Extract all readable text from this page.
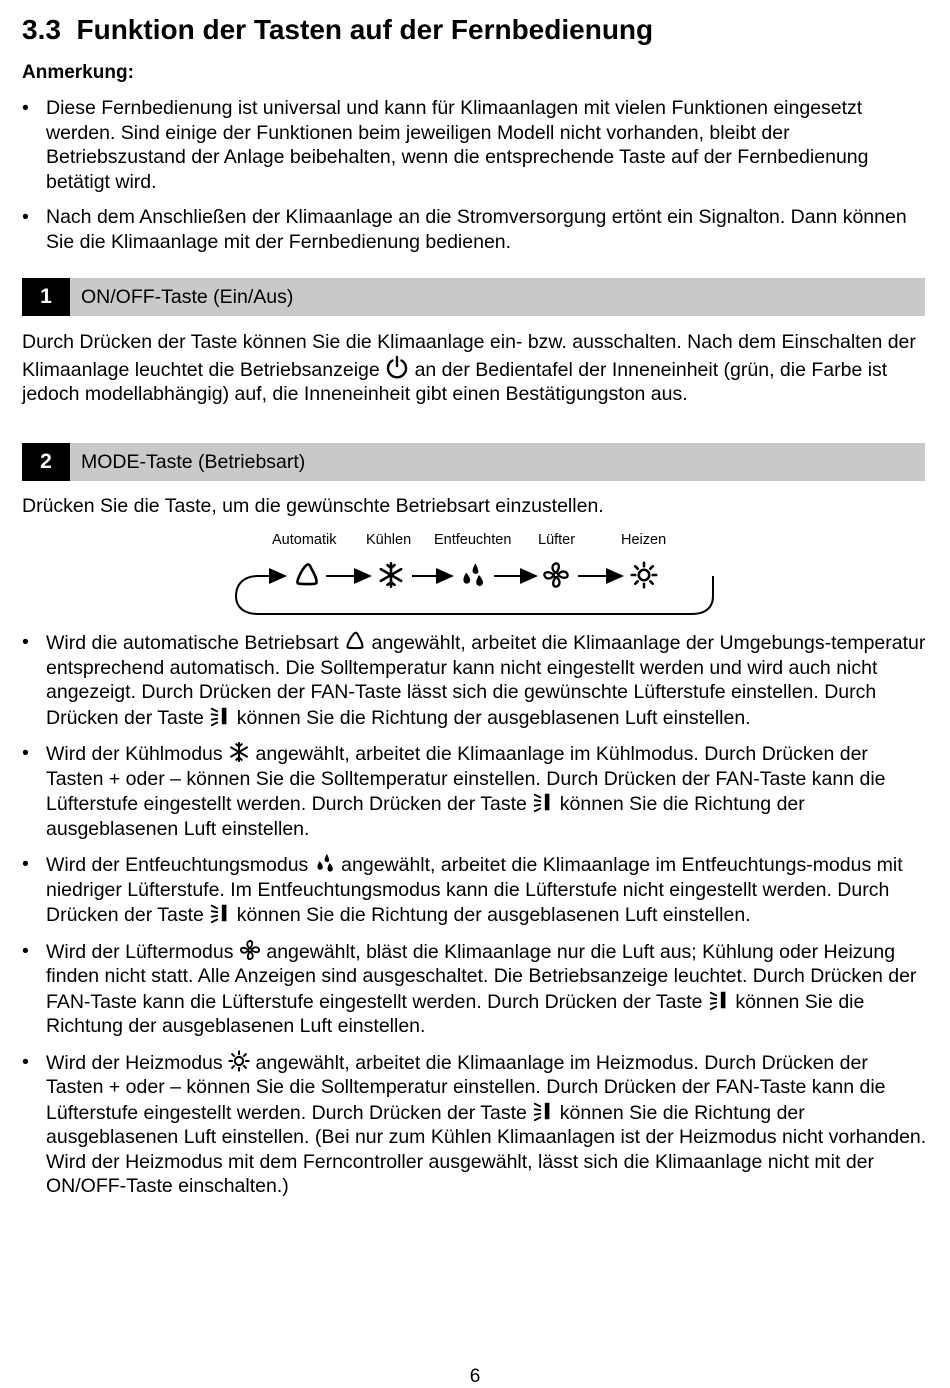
3.3 Funktion der Tasten auf der Fernbedienung
Anmerkung:
• Diese Fernbedienung ist universal und kann für Klimaanlagen mit vielen Funktionen eingesetzt werden. Sind einige der Funktionen beim jeweiligen Modell nicht vorhanden, bleibt der Betriebszustand der Anlage beibehalten, wenn die entsprechende Taste auf der Fernbedienung betätigt wird.
• Nach dem Anschließen der Klimaanlage an die Stromversorgung ertönt ein Signalton. Dann können Sie die Klimaanlage mit der Fernbedienung bedienen.
1	ON/OFF-Taste (Ein/Aus)
Durch Drücken der Taste können Sie die Klimaanlage ein- bzw. ausschalten. Nach dem Einschalten der Klimaanlage leuchtet die Betriebsanzeige an der Bedientafel der Inneneinheit (grün, die Farbe ist jedoch modellabhängig) auf, die Inneneinheit gibt einen Bestätigungston aus.
2	MODE-Taste (Betriebsart)
Drücken Sie die Taste, um die gewünschte Betriebsart einzustellen.
Automatik Kühlen Entfeuchten Lüfter	Heizen
• Wird die automatische Betriebsart angewählt, arbeitet die Klimaanlage der Umgebungs-temperatur entsprechend automatisch. Die Solltemperatur kann nicht eingestellt werden und wird auch nicht angezeigt. Durch Drücken der FAN-Taste lässt sich die gewünschte Lüfterstufe einstellen. Durch Drücken der Taste können Sie die Richtung der ausgeblasenen Luft einstellen.
• Wird der Kühlmodus angewählt, arbeitet die Klimaanlage im Kühlmodus. Durch Drücken der Tasten + oder – können Sie die Solltemperatur einstellen. Durch Drücken der FAN-Taste kann die Lüfterstufe eingestellt werden. Durch Drücken der Taste können Sie die Richtung der ausgeblasenen Luft einstellen.
• Wird der Entfeuchtungsmodus angewählt, arbeitet die Klimaanlage im Entfeuchtungs-modus mit niedriger Lüfterstufe. Im Entfeuchtungsmodus kann die Lüfterstufe nicht eingestellt werden. Durch Drücken der Taste können Sie die Richtung der ausgeblasenen Luft einstellen.
• Wird der Lüftermodus angewählt, bläst die Klimaanlage nur die Luft aus; Kühlung oder Heizung finden nicht statt. Alle Anzeigen sind ausgeschaltet. Die Betriebsanzeige leuchtet. Durch Drücken der FAN-Taste kann die Lüfterstufe eingestellt werden. Durch Drücken der Taste können Sie die Richtung der ausgeblasenen Luft einstellen.
• Wird der Heizmodus angewählt, arbeitet die Klimaanlage im Heizmodus. Durch Drücken der Tasten + oder – können Sie die Solltemperatur einstellen. Durch Drücken der FAN-Taste kann die Lüfterstufe eingestellt werden. Durch Drücken der Taste können Sie die Richtung der ausgeblasenen Luft einstellen. (Bei nur zum Kühlen Klimaanlagen ist der Heizmodus nicht vorhanden. Wird der Heizmodus mit dem Ferncontroller ausgewählt, lässt sich die Klimaanlage nicht mit der ON/OFF-Taste einschalten.)
6
